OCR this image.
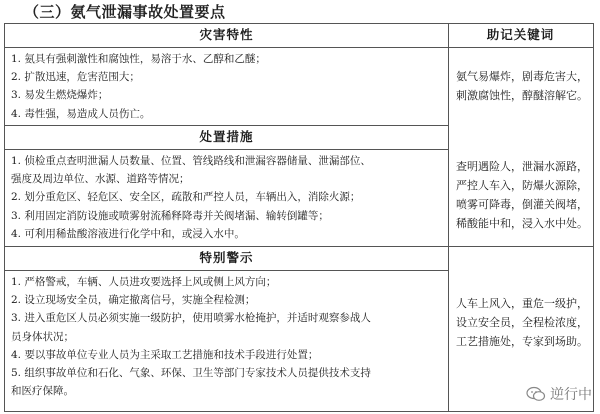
（三）氨气泄漏事故处置要点
助记关键词
灾害特性
1. 氨具有强刺激性和腐蚀性，易溶于水、乙醇和乙醚；
2. 扩散迅速，危害范围大；
3. 易发生燃烧爆炸；
4. 毒性强，易造成人员伤亡。
氨气易爆炸，剧毒危害大，
刺激腐蚀性，醇醚溶解它。
处置措施
1. 侦检重点查明泄漏人员数量、位置、管线路线和泄漏容器储量、泄漏部位、
强度及周边单位、水源、道路等情况；
2. 划分重危区、轻危区、安全区，疏散和严控人员，车辆出入，消除火源；
3. 利用固定消防设施或喷雾射流稀释降毒并关阀堵漏、输转倒罐等；
4. 可利用稀盐酸溶液进行化学中和，或浸入水中。
查明遇险人，泄漏水源路，
严控人车入，防爆火源除，
喷雾可降毒，倒灌关阀堵，
稀酸能中和，浸入水中处。
特别警示
1. 严格警戒，车辆、人员进攻要选择上风或侧上风方向；
2. 设立现场安全员，确定撤离信号，实施全程检测；
3. 进入重危区人员必须实施一级防护，使用喷雾水枪掩护，并适时观察参战人
员身体状况；
4. 要以事故单位专业人员为主采取工艺措施和技术手段进行处置；
5. 组织事故单位和石化、气象、环保、卫生等部门专家技术人员提供技术支持
和医疗保障。
人车上风入，重危一级护，
设立安全员，全程检浓度，
工艺措施处，专家到场助。
逆行中
